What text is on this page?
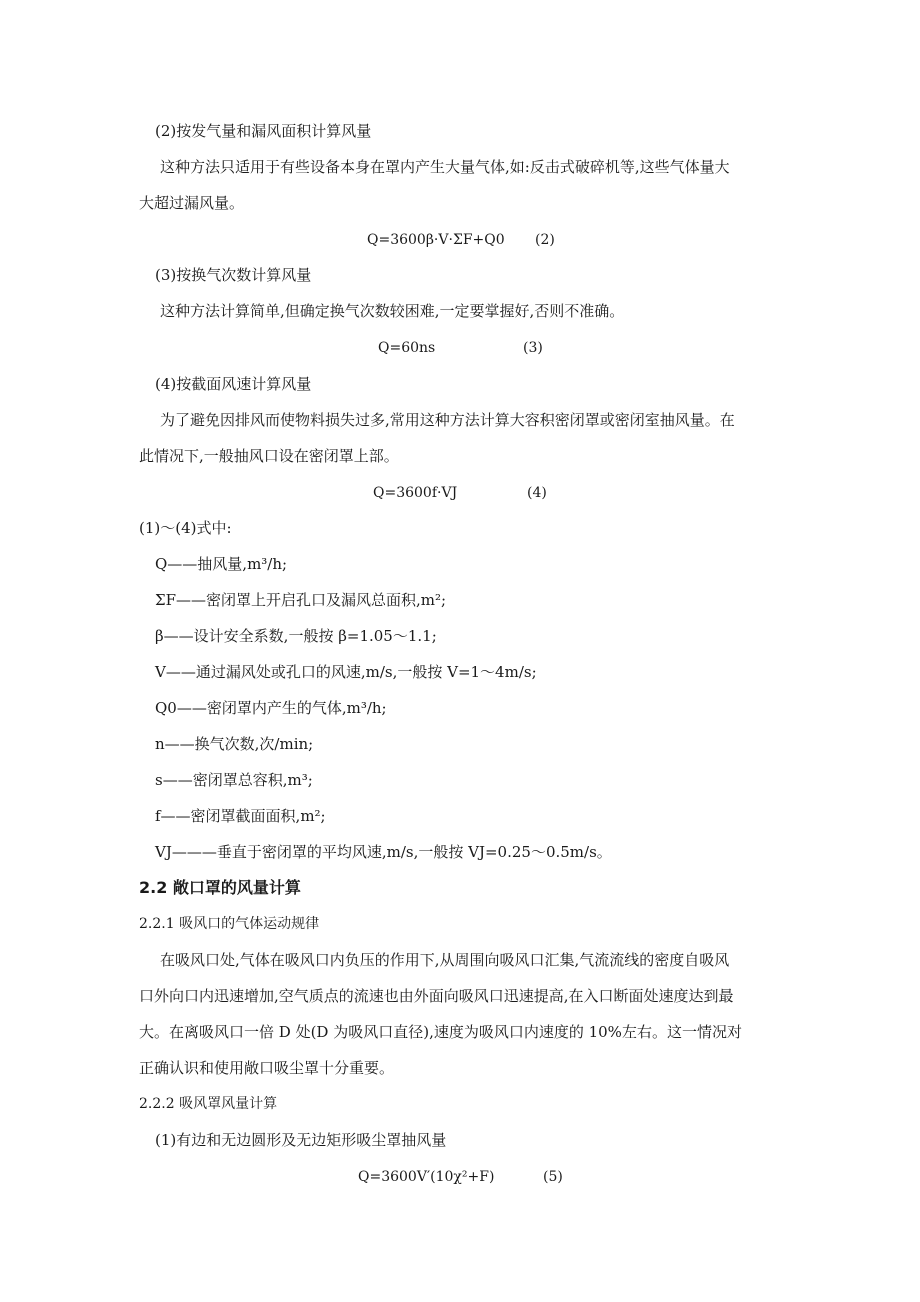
(2)按发气量和漏风面积计算风量
这种方法只适用于有些设备本身在罩内产生大量气体,如:反击式破碎机等,这些气体量大
大超过漏风量。
Q=3600β·V·ΣF+Q0 (2)
(3)按换气次数计算风量
这种方法计算简单,但确定换气次数较困难,一定要掌握好,否则不准确。
Q=60ns	(3)
(4)按截面风速计算风量
为了避免因排风而使物料损失过多,常用这种方法计算大容积密闭罩或密闭室抽风量。在
此情况下,一般抽风口设在密闭罩上部。
Q=3600f·VJ	(4)
(1)～(4)式中:
Q——抽风量,m³/h;
ΣF——密闭罩上开启孔口及漏风总面积,m²;
β——设计安全系数,一般按 β=1.05～1.1;
V——通过漏风处或孔口的风速,m/s,一般按 V=1～4m/s;
Q0——密闭罩内产生的气体,m³/h;
n——换气次数,次/min;
s——密闭罩总容积,m³;
f——密闭罩截面面积,m²;
VJ———垂直于密闭罩的平均风速,m/s,一般按 VJ=0.25～0.5m/s。
2.2 敞口罩的风量计算
2.2.1 吸风口的气体运动规律
在吸风口处,气体在吸风口内负压的作用下,从周围向吸风口汇集,气流流线的密度自吸风
口外向口内迅速增加,空气质点的流速也由外面向吸风口迅速提高,在入口断面处速度达到最
大。在离吸风口一倍 D 处(D 为吸风口直径),速度为吸风口内速度的 10%左右。这一情况对
正确认识和使用敞口吸尘罩十分重要。
2.2.2 吸风罩风量计算
(1)有边和无边圆形及无边矩形吸尘罩抽风量
Q=3600V′(10χ²+F)	(5)
